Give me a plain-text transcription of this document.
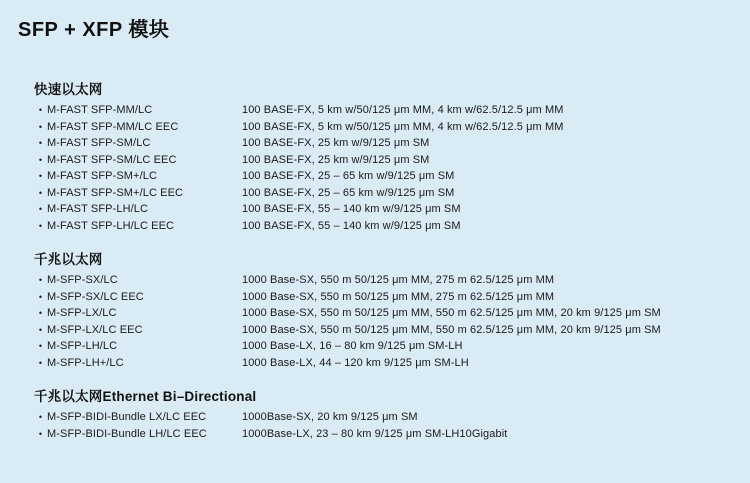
SFP + XFP 模块
快速以太网
• M-FAST SFP-MM/LC	100 BASE-FX, 5 km w/50/125 μm MM, 4 km w/62.5/12.5 μm MM
• M-FAST SFP-MM/LC EEC	100 BASE-FX, 5 km w/50/125 μm MM, 4 km w/62.5/12.5 μm MM
• M-FAST SFP-SM/LC	100 BASE-FX, 25 km w/9/125 μm SM
• M-FAST SFP-SM/LC EEC	100 BASE-FX, 25 km w/9/125 μm SM
• M-FAST SFP-SM+/LC	100 BASE-FX, 25 – 65 km w/9/125 μm SM
• M-FAST SFP-SM+/LC EEC	100 BASE-FX, 25 – 65 km w/9/125 μm SM
• M-FAST SFP-LH/LC	100 BASE-FX, 55 – 140 km w/9/125 μm SM
• M-FAST SFP-LH/LC EEC	100 BASE-FX, 55 – 140 km w/9/125 μm SM
千兆以太网
• M-SFP-SX/LC	1000 Base-SX, 550 m 50/125 μm MM, 275 m 62.5/125 μm MM
• M-SFP-SX/LC EEC	1000 Base-SX, 550 m 50/125 μm MM, 275 m 62.5/125 μm MM
• M-SFP-LX/LC	1000 Base-SX, 550 m 50/125 μm MM, 550 m 62.5/125 μm MM, 20 km 9/125 μm SM
• M-SFP-LX/LC EEC	1000 Base-SX, 550 m 50/125 μm MM, 550 m 62.5/125 μm MM, 20 km 9/125 μm SM
• M-SFP-LH/LC	1000 Base-LX, 16 – 80 km 9/125 μm SM-LH
• M-SFP-LH+/LC	1000 Base-LX, 44 – 120 km 9/125 μm SM-LH
千兆以太网Ethernet Bi–Directional
• M-SFP-BIDI-Bundle LX/LC EEC	1000Base-SX, 20 km 9/125 μm SM
• M-SFP-BIDI-Bundle LH/LC EEC	1000Base-LX, 23 – 80 km 9/125 μm SM-LH10Gigabit
